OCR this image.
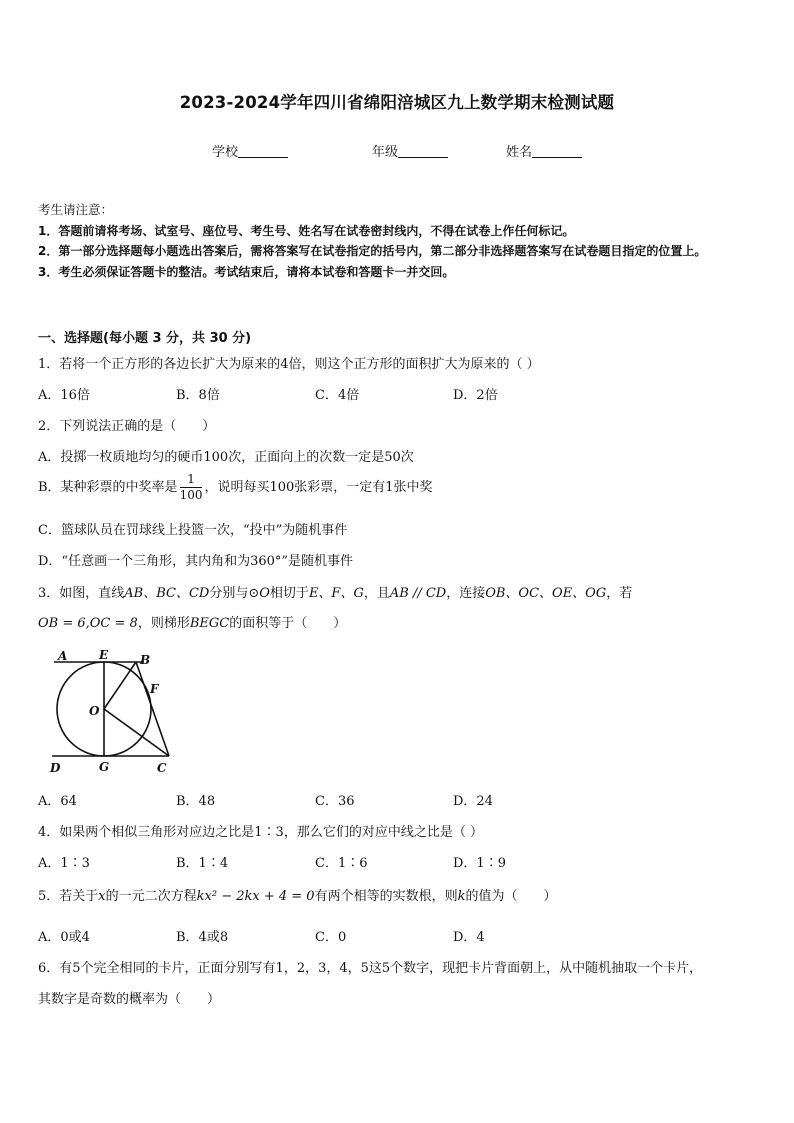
2023-2024学年四川省绵阳涪城区九上数学期末检测试题
学校	年级	姓名
考生请注意：
1．答题前请将考场、试室号、座位号、考生号、姓名写在试卷密封线内，不得在试卷上作任何标记。
2．第一部分选择题每小题选出答案后，需将答案写在试卷指定的括号内，第二部分非选择题答案写在试卷题目指定的位置上。
3．考生必须保证答题卡的整洁。考试结束后，请将本试卷和答题卡一并交回。
一、选择题(每小题 3 分，共 30 分)
1．若将一个正方形的各边长扩大为原来的4倍，则这个正方形的面积扩大为原来的（ ）
A．16倍	B．8倍	C．4倍	D．2倍
2．下列说法正确的是（　　）
A．投掷一枚质地均匀的硬币100次，正面向上的次数一定是50次
B．某种彩票的中奖率是 $\frac{1}{100}$ ，说明每买100张彩票，一定有1张中奖
C．篮球队员在罚球线上投篮一次，“投中”为随机事件
D．“任意画一个三角形，其内角和为360°”是随机事件
3．如图，直线AB、BC、CD分别与⊙O相切于E、F、G，且AB // CD，连接OB、OC、OE、OG，若
OB = 6,OC = 8，则梯形BEGC的面积等于（　　）
A	E	B
F
O
D	G	C
A．64	B．48	C．36	D．24
4．如果两个相似三角形对应边之比是1∶3，那么它们的对应中线之比是（ ）
A．1∶3	B．1∶4	C．1∶6	D．1∶9
5．若关于x的一元二次方程kx² − 2kx + 4 = 0有两个相等的实数根，则k的值为（　　）
A．0或4	B．4或8	C．0	D．4
6．有5个完全相同的卡片，正面分别写有1，2，3，4，5这5个数字，现把卡片背面朝上，从中随机抽取一个卡片，
其数字是奇数的概率为（　　）
